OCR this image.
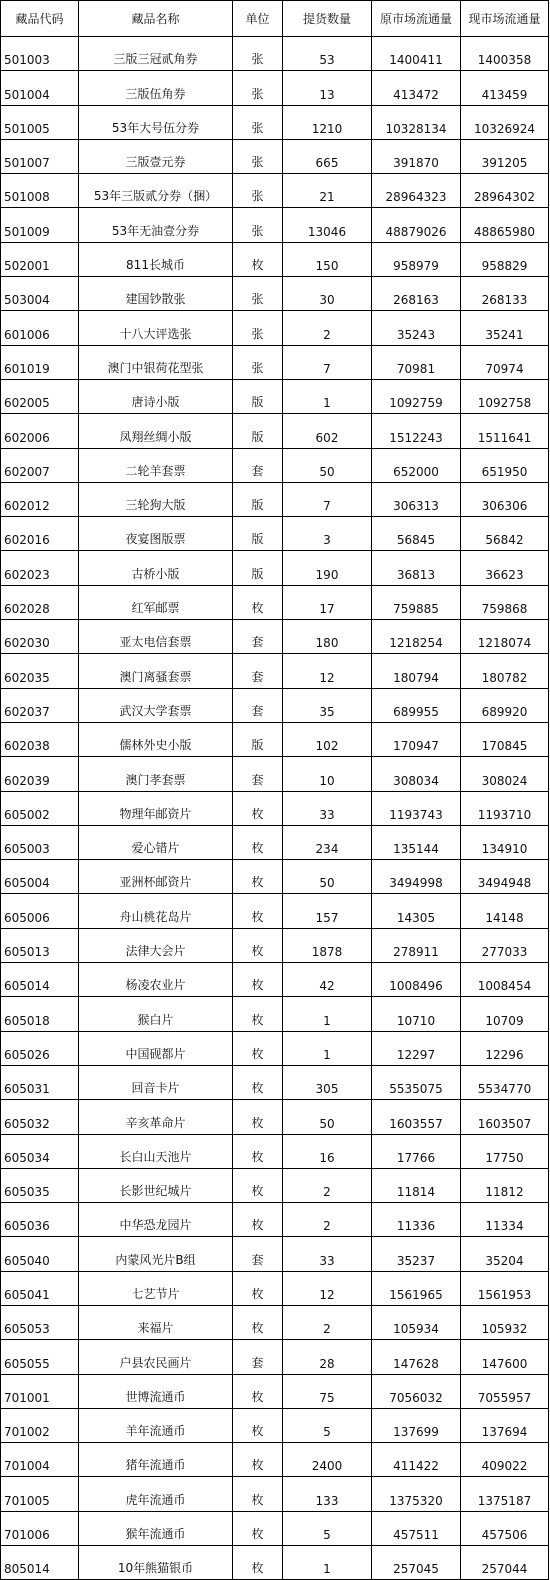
藏品代码	藏品名称	单位	提货数量	原市场流通量	现市场流通量
501003	三版三冠贰角券	张	53	1400411	1400358
501004	三版伍角券	张	13	413472	413459
501005	53年大号伍分券	张	1210	10328134	10326924
501007	三版壹元券	张	665	391870	391205
501008	53年三版贰分券（捆）	张	21	28964323	28964302
501009	53年无油壹分券	张	13046	48879026	48865980
502001	811长城币	枚	150	958979	958829
503004	建国钞散张	张	30	268163	268133
601006	十八大评选张	张	2	35243	35241
601019	澳门中银荷花型张	张	7	70981	70974
602005	唐诗小版	版	1	1092759	1092758
602006	凤翔丝绸小版	版	602	1512243	1511641
602007	二轮羊套票	套	50	652000	651950
602012	三轮狗大版	版	7	306313	306306
602016	夜宴图版票	版	3	56845	56842
602023	古桥小版	版	190	36813	36623
602028	红军邮票	枚	17	759885	759868
602030	亚太电信套票	套	180	1218254	1218074
602035	澳门离骚套票	套	12	180794	180782
602037	武汉大学套票	套	35	689955	689920
602038	儒林外史小版	版	102	170947	170845
602039	澳门孝套票	套	10	308034	308024
605002	物理年邮资片	枚	33	1193743	1193710
605003	爱心错片	枚	234	135144	134910
605004	亚洲杯邮资片	枚	50	3494998	3494948
605006	舟山桃花岛片	枚	157	14305	14148
605013	法律大会片	枚	1878	278911	277033
605014	杨凌农业片	枚	42	1008496	1008454
605018	猴白片	枚	1	10710	10709
605026	中国砚都片	枚	1	12297	12296
605031	回音卡片	枚	305	5535075	5534770
605032	辛亥革命片	枚	50	1603557	1603507
605034	长白山天池片	枚	16	17766	17750
605035	长影世纪城片	枚	2	11814	11812
605036	中华恐龙园片	枚	2	11336	11334
605040	内蒙风光片B组	套	33	35237	35204
605041	七艺节片	枚	12	1561965	1561953
605053	来福片	枚	2	105934	105932
605055	户县农民画片	套	28	147628	147600
701001	世博流通币	枚	75	7056032	7055957
701002	羊年流通币	枚	5	137699	137694
701004	猪年流通币	枚	2400	411422	409022
701005	虎年流通币	枚	133	1375320	1375187
701006	猴年流通币	枚	5	457511	457506
805014	10年熊猫银币	枚	1	257045	257044
